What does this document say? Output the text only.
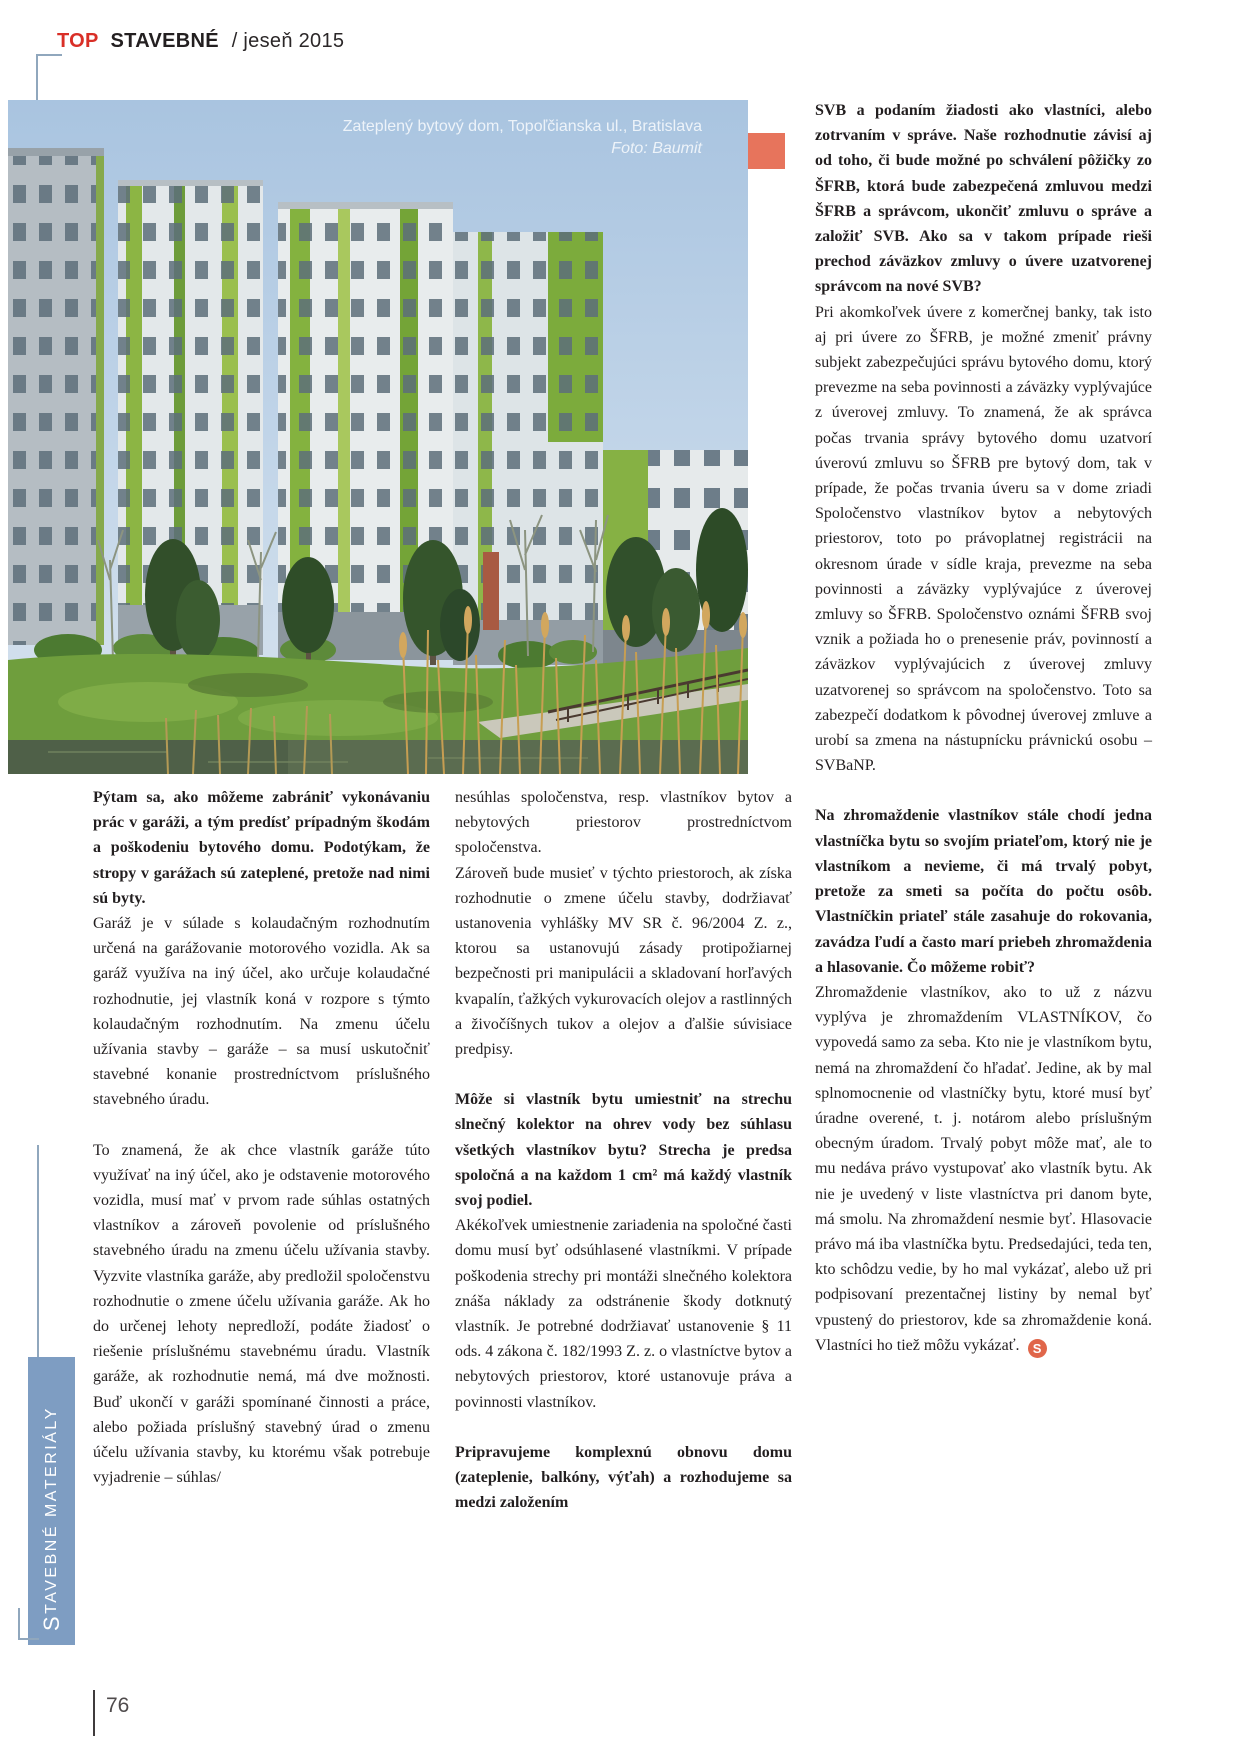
TOP STAVEBNÉ / jeseň 2015
Zateplený bytový dom, Topoľčianska ul., Bratislava
Foto: Baumit

Pýtam sa, ako môžeme zabrániť vykonávaniu prác v garáži, a tým predísť prípadným škodám a poškodeniu bytového domu. Podotýkam, že stropy v garážach sú zateplené, pretože nad nimi sú byty.

Garáž je v súlade s kolaudačným rozhodnutím určená na garážovanie motorového vozidla. Ak sa garáž využíva na iný účel, ako určuje kolaudačné rozhodnutie, jej vlastník koná v rozpore s týmto kolaudačným rozhodnutím. Na zmenu účelu užívania stavby – garáže – sa musí uskutočniť stavebné konanie prostredníctvom príslušného stavebného úradu.

To znamená, že ak chce vlastník garáže túto využívať na iný účel, ako je odstavenie motorového vozidla, musí mať v prvom rade súhlas ostatných vlastníkov a zároveň povolenie od príslušného stavebného úradu na zmenu účelu užívania stavby. Vyzvite vlastníka garáže, aby predložil spoločenstvu rozhodnutie o zmene účelu užívania garáže. Ak ho do určenej lehoty nepredloží, podáte žiadosť o riešenie príslušnému stavebnému úradu. Vlastník garáže, ak rozhodnutie nemá, má dve možnosti. Buď ukončí v garáži spomínané činnosti a práce, alebo požiada príslušný stavebný úrad o zmenu účelu užívania stavby, ku ktorému však potrebuje vyjadrenie – súhlas/

nesúhlas spoločenstva, resp. vlastníkov bytov a nebytových priestorov prostredníctvom spoločenstva.

Zároveň bude musieť v týchto priestoroch, ak získa rozhodnutie o zmene účelu stavby, dodržiavať ustanovenia vyhlášky MV SR č. 96/2004 Z. z., ktorou sa ustanovujú zásady protipožiarnej bezpečnosti pri manipulácii a skladovaní horľavých kvapalín, ťažkých vykurovacích olejov a rastlinných a živočíšnych tukov a olejov a ďalšie súvisiace predpisy.

Môže si vlastník bytu umiestniť na strechu slnečný kolektor na ohrev vody bez súhlasu všetkých vlastníkov bytu? Strecha je predsa spoločná a na každom 1 cm² má každý vlastník svoj podiel.

Akékoľvek umiestnenie zariadenia na spoločné časti domu musí byť odsúhlasené vlastníkmi. V prípade poškodenia strechy pri montáži slnečného kolektora znáša náklady za odstránenie škody dotknutý vlastník. Je potrebné dodržiavať ustanovenie § 11 ods. 4 zákona č. 182/1993 Z. z. o vlastníctve bytov a nebytových priestorov, ktoré ustanovuje práva a povinnosti vlastníkov.

Pripravujeme komplexnú obnovu domu (zateplenie, balkóny, výťah) a rozhodujeme sa medzi založením

SVB a podaním žiadosti ako vlastníci, alebo zotrvaním v správe. Naše rozhodnutie závisí aj od toho, či bude možné po schválení pôžičky zo ŠFRB, ktorá bude zabezpečená zmluvou medzi ŠFRB a správcom, ukončiť zmluvu o správe a založiť SVB. Ako sa v takom prípade rieši prechod záväzkov zmluvy o úvere uzatvorenej správcom na nové SVB?

Pri akomkoľvek úvere z komerčnej banky, tak isto aj pri úvere zo ŠFRB, je možné zmeniť právny subjekt zabezpečujúci správu bytového domu, ktorý prevezme na seba povinnosti a záväzky vyplývajúce z úverovej zmluvy. To znamená, že ak správca počas trvania správy bytového domu uzatvorí úverovú zmluvu so ŠFRB pre bytový dom, tak v prípade, že počas trvania úveru sa v dome zriadi Spoločenstvo vlastníkov bytov a nebytových priestorov, toto po právoplatnej registrácii na okresnom úrade v sídle kraja, prevezme na seba povinnosti a záväzky vyplývajúce z úverovej zmluvy so ŠFRB. Spoločenstvo oznámi ŠFRB svoj vznik a požiada ho o prenesenie práv, povinností a záväzkov vyplývajúcich z úverovej zmluvy uzatvorenej so správcom na spoločenstvo. Toto sa zabezpečí dodatkom k pôvodnej úverovej zmluve a urobí sa zmena na nástupnícku právnickú osobu – SVBaNP.

Na zhromaždenie vlastníkov stále chodí jedna vlastníčka bytu so svojím priateľom, ktorý nie je vlastníkom a nevieme, či má trvalý pobyt, pretože za smeti sa počíta do počtu osôb. Vlastníčkin priateľ stále zasahuje do rokovania, zavádza ľudí a často marí priebeh zhromaždenia a hlasovanie. Čo môžeme robiť?

Zhromaždenie vlastníkov, ako to už z názvu vyplýva je zhromaždením VLASTNÍKOV, čo vypovedá samo za seba. Kto nie je vlastníkom bytu, nemá na zhromaždení čo hľadať. Jedine, ak by mal splnomocnenie od vlastníčky bytu, ktoré musí byť úradne overené, t. j. notárom alebo príslušným obecným úradom. Trvalý pobyt môže mať, ale to mu nedáva právo vystupovať ako vlastník bytu. Ak nie je uvedený v liste vlastníctva pri danom byte, má smolu. Na zhromaždení nesmie byť. Hlasovacie právo má iba vlastníčka bytu. Predsedajúci, teda ten, kto schôdzu vedie, by ho mal vykázať, alebo už pri podpisovaní prezentačnej listiny by nemal byť vpustený do priestorov, kde sa zhromaždenie koná. Vlastníci ho tiež môžu vykázať. S

STAVEBNÉ MATERIÁLY
76
